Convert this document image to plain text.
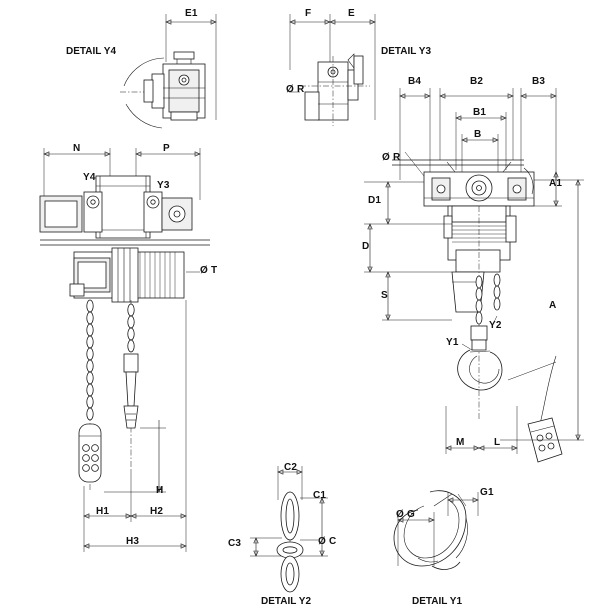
DETAIL Y4	DETAIL Y3
DETAIL Y2	DETAIL Y1
E1	F	E
Ø R
N	P
Y4
Y3
Ø T
H
H1	H2
H3
B4	B2	B3
B1
B
Ø R
A1
D1
D
S
A
Y1
Y2
M	L
C2
C1
C3	Ø C
G1
Ø G
